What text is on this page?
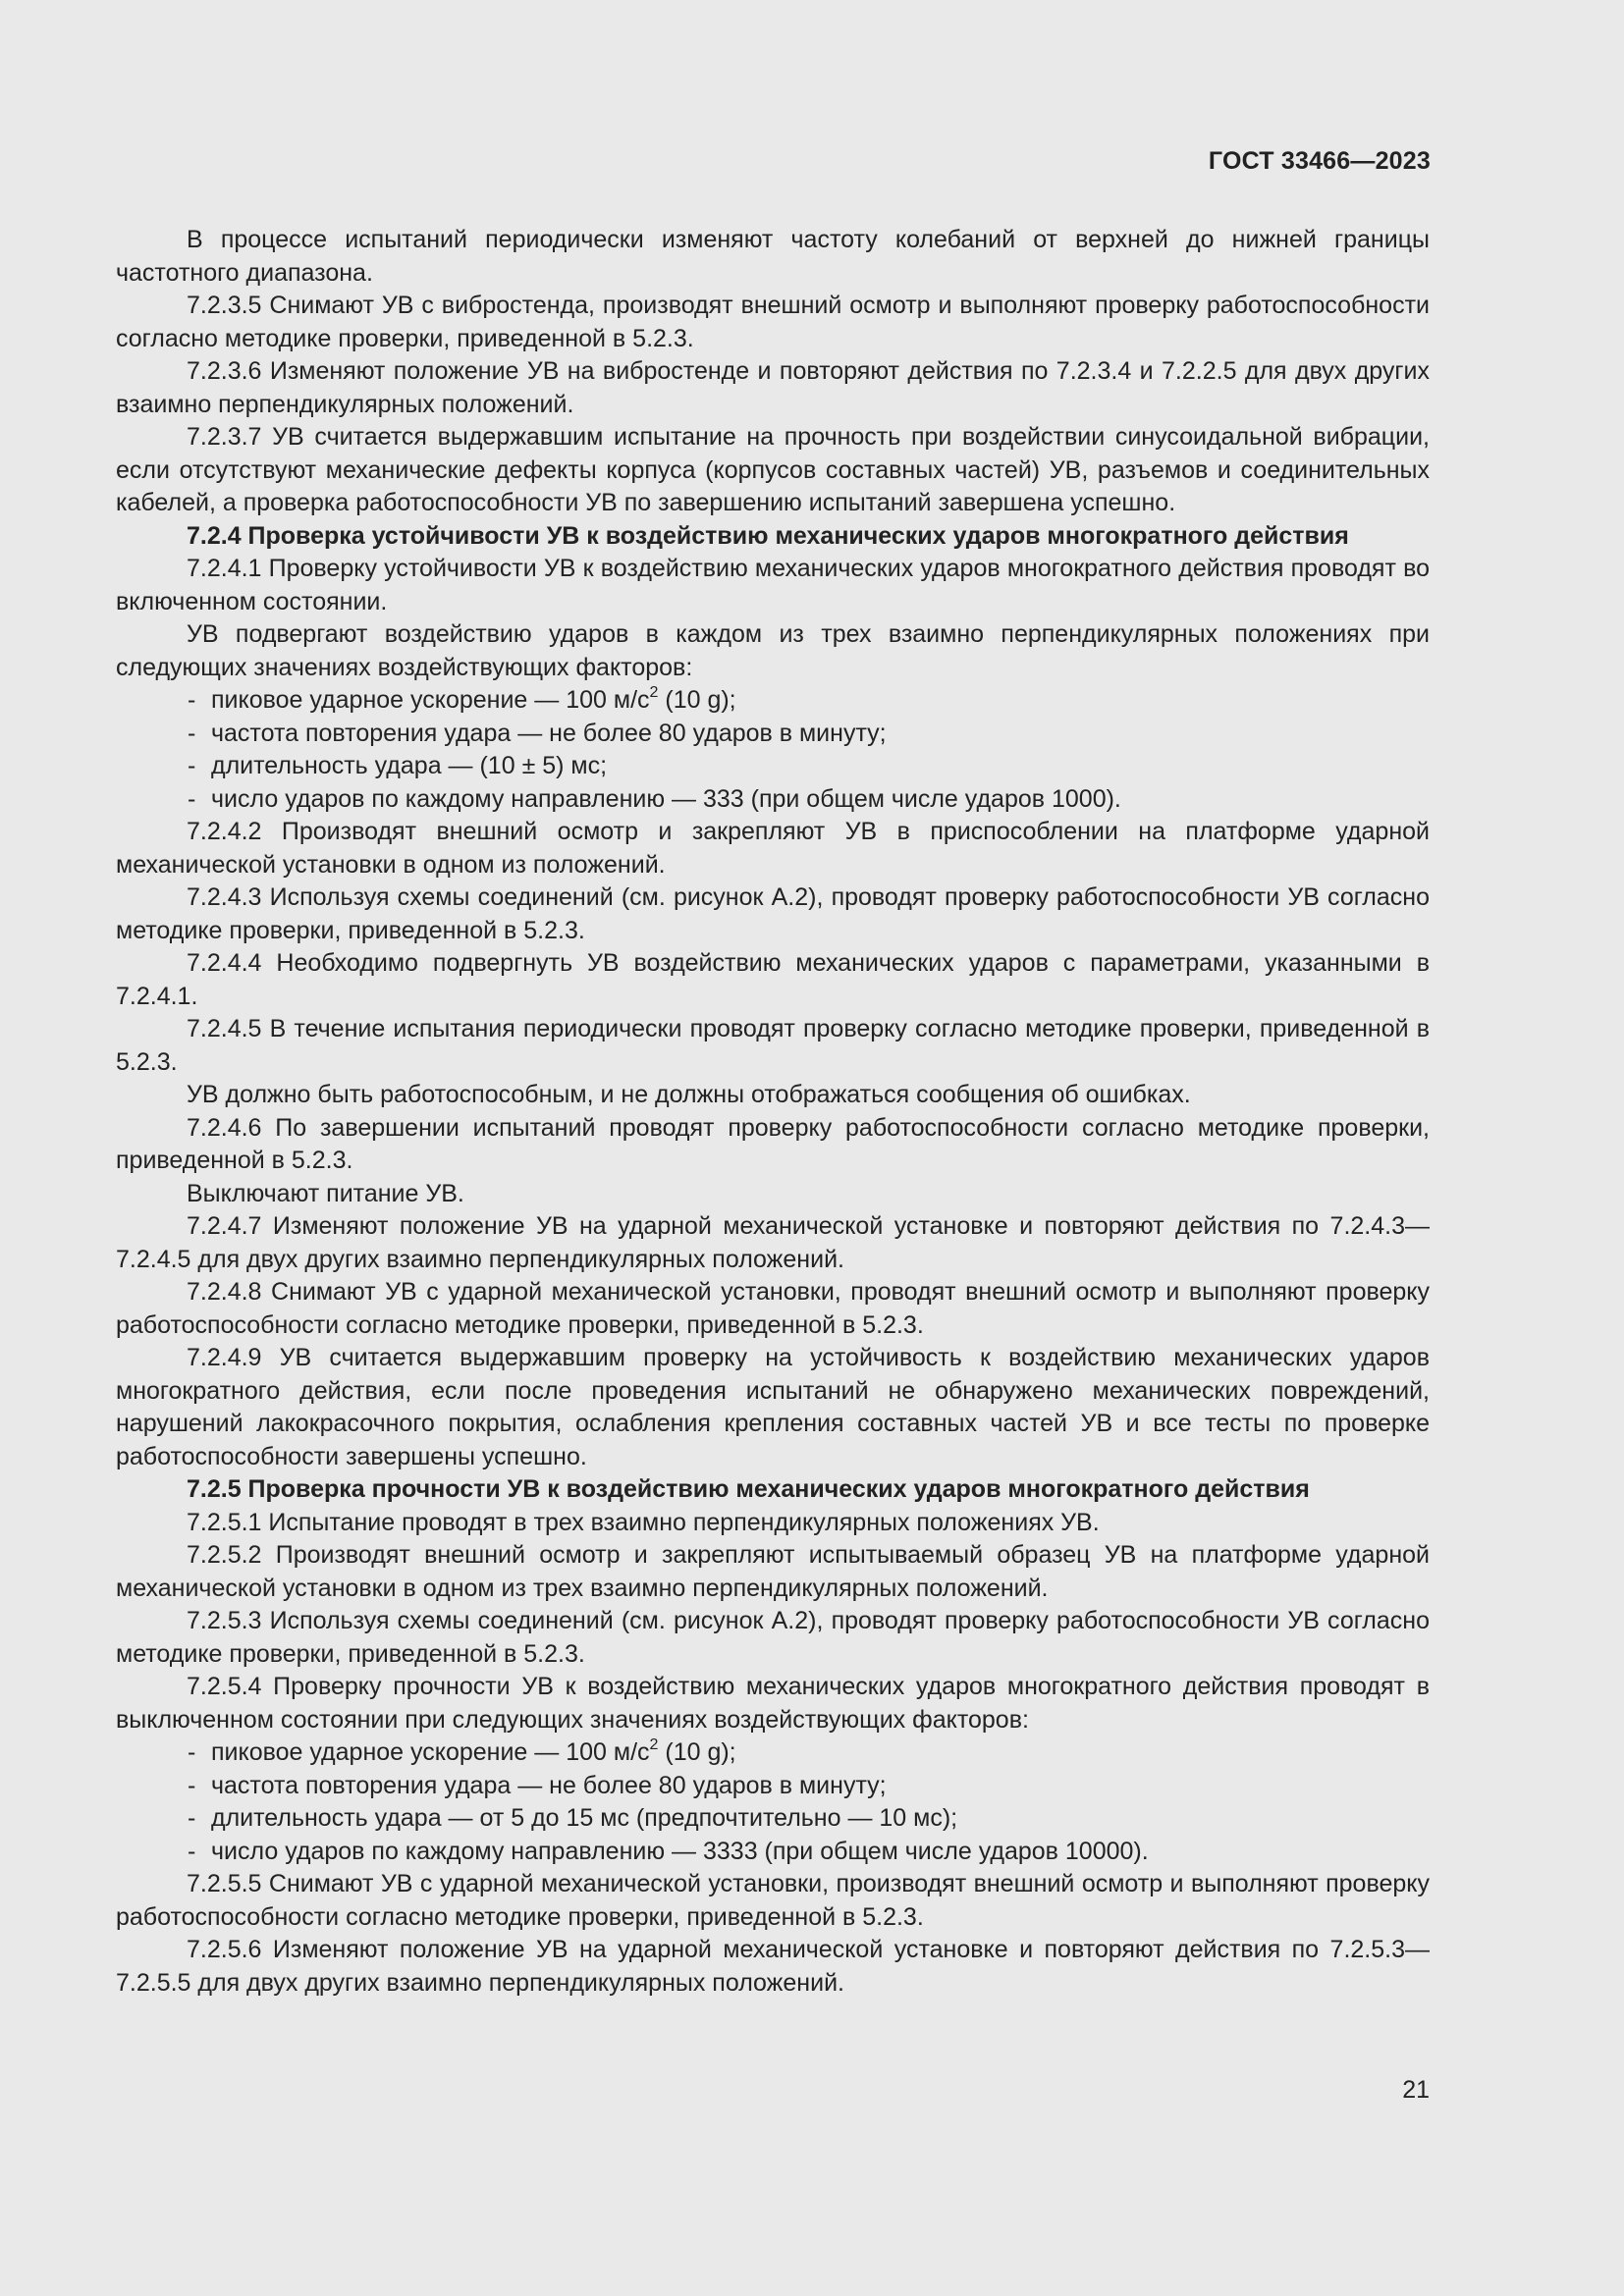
ГОСТ 33466—2023

В процессе испытаний периодически изменяют частоту колебаний от верхней до нижней границы частотного диапазона.

7.2.3.5 Снимают УВ с вибростенда, производят внешний осмотр и выполняют проверку работоспособности согласно методике проверки, приведенной в 5.2.3.

7.2.3.6 Изменяют положение УВ на вибростенде и повторяют действия по 7.2.3.4 и 7.2.2.5 для двух других взаимно перпендикулярных положений.

7.2.3.7 УВ считается выдержавшим испытание на прочность при воздействии синусоидальной вибрации, если отсутствуют механические дефекты корпуса (корпусов составных частей) УВ, разъемов и соединительных кабелей, а проверка работоспособности УВ по завершению испытаний завершена успешно.

7.2.4 Проверка устойчивости УВ к воздействию механических ударов многократного действия

7.2.4.1 Проверку устойчивости УВ к воздействию механических ударов многократного действия проводят во включенном состоянии.

УВ подвергают воздействию ударов в каждом из трех взаимно перпендикулярных положениях при следующих значениях воздействующих факторов:

- пиковое ударное ускорение — 100 $м/с^2$ (10 g);
- частота повторения удара — не более 80 ударов в минуту;
- длительность удара — (10 ± 5) мс;
- число ударов по каждому направлению — 333 (при общем числе ударов 1000).

7.2.4.2 Производят внешний осмотр и закрепляют УВ в приспособлении на платформе ударной механической установки в одном из положений.

7.2.4.3 Используя схемы соединений (см. рисунок А.2), проводят проверку работоспособности УВ согласно методике проверки, приведенной в 5.2.3.

7.2.4.4 Необходимо подвергнуть УВ воздействию механических ударов с параметрами, указанными в 7.2.4.1.

7.2.4.5 В течение испытания периодически проводят проверку согласно методике проверки, приведенной в 5.2.3.

УВ должно быть работоспособным, и не должны отображаться сообщения об ошибках.

7.2.4.6 По завершении испытаний проводят проверку работоспособности согласно методике проверки, приведенной в 5.2.3.

Выключают питание УВ.

7.2.4.7 Изменяют положение УВ на ударной механической установке и повторяют действия по 7.2.4.3—7.2.4.5 для двух других взаимно перпендикулярных положений.

7.2.4.8 Снимают УВ с ударной механической установки, проводят внешний осмотр и выполняют проверку работоспособности согласно методике проверки, приведенной в 5.2.3.

7.2.4.9 УВ считается выдержавшим проверку на устойчивость к воздействию механических ударов многократного действия, если после проведения испытаний не обнаружено механических повреждений, нарушений лакокрасочного покрытия, ослабления крепления составных частей УВ и все тесты по проверке работоспособности завершены успешно.

7.2.5 Проверка прочности УВ к воздействию механических ударов многократного действия

7.2.5.1 Испытание проводят в трех взаимно перпендикулярных положениях УВ.

7.2.5.2 Производят внешний осмотр и закрепляют испытываемый образец УВ на платформе ударной механической установки в одном из трех взаимно перпендикулярных положений.

7.2.5.3 Используя схемы соединений (см. рисунок А.2), проводят проверку работоспособности УВ согласно методике проверки, приведенной в 5.2.3.

7.2.5.4 Проверку прочности УВ к воздействию механических ударов многократного действия проводят в выключенном состоянии при следующих значениях воздействующих факторов:

- пиковое ударное ускорение — 100 $м/с^2$ (10 g);
- частота повторения удара — не более 80 ударов в минуту;
- длительность удара — от 5 до 15 мс (предпочтительно — 10 мс);
- число ударов по каждому направлению — 3333 (при общем числе ударов 10000).

7.2.5.5 Снимают УВ с ударной механической установки, производят внешний осмотр и выполняют проверку работоспособности согласно методике проверки, приведенной в 5.2.3.

7.2.5.6 Изменяют положение УВ на ударной механической установке и повторяют действия по 7.2.5.3—7.2.5.5 для двух других взаимно перпендикулярных положений.

21
